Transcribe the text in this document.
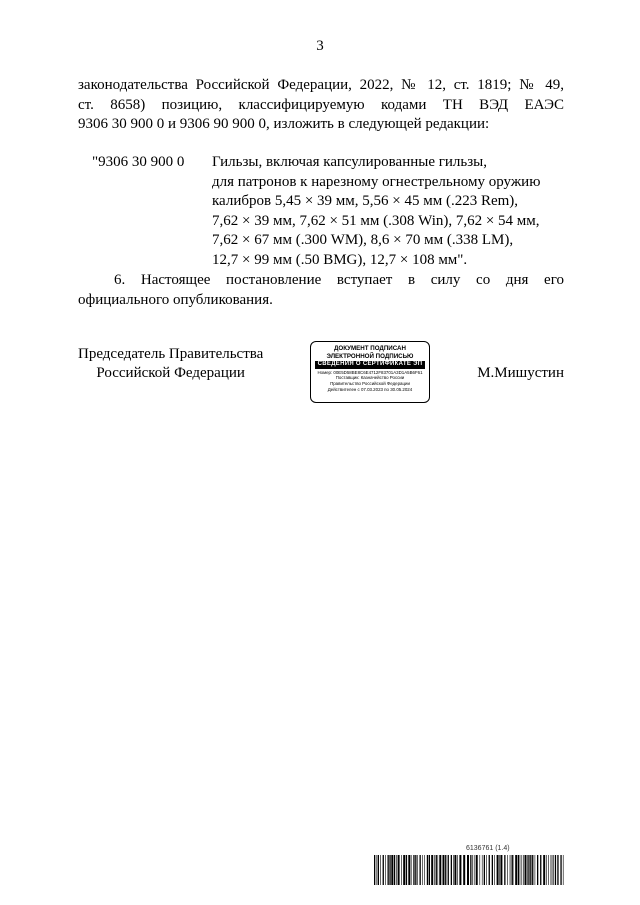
3
законодательства Российской Федерации, 2022, № 12, ст. 1819; № 49,
ст. 8658) позицию, классифицируемую кодами ТН ВЭД ЕАЭС
9306 30 900 0 и 9306 90 900 0, изложить в следующей редакции:
"9306 30 900 0 Гильзы, включая капсулированные гильзы,
для патронов к нарезному огнестрельному оружию
калибров 5,45 × 39 мм, 5,56 × 45 мм (.223 Rem),
7,62 × 39 мм, 7,62 × 51 мм (.308 Win), 7,62 × 54 мм,
7,62 × 67 мм (.300 WM), 8,6 × 70 мм (.338 LM),
12,7 × 99 мм (.50 BMG), 12,7 × 108 мм".
6. Настоящее постановление вступает в силу со дня его
официального опубликования.
Председатель Правительства
Российской Федерации
ДОКУМЕНТ ПОДПИСАН
ЭЛЕКТРОННОЙ ПОДПИСЬЮ
СВЕДЕНИЯ О СЕРТИФИКАТЕ ЭП
Номер: 00E5D58BE8C6E4712F83701A3D1A5B6F61
Поставщик: Казначейство России
Правительство Российской Федерации
Действителен с 07.03.2023 по 30.05.2024
М.Мишустин
6136761 (1.4)
